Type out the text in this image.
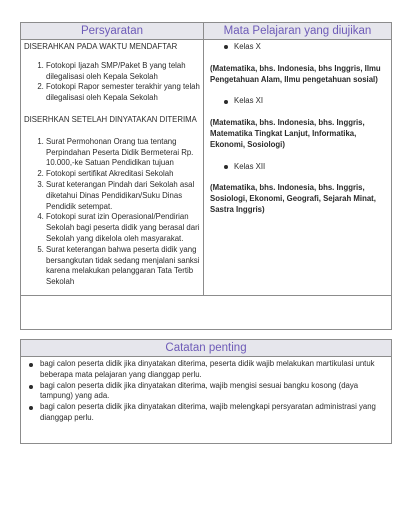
Persyaratan	Mata Pelajaran yang diujikan

DISERAHKAN PADA WAKTU MENDAFTAR

1. Fotokopi Ijazah SMP/Paket B yang telah dilegalisasi oleh Kepala Sekolah
2. Fotokopi Rapor semester terakhir yang telah dilegalisasi oleh Kepala Sekolah

DISERHKAN SETELAH DINYATAKAN DITERIMA

1. Surat Permohonan Orang tua tentang Perpindahan Peserta Didik Bermeterai Rp. 10.000,-ke Satuan Pendidikan tujuan
2. Fotokopi sertifikat Akreditasi Sekolah
3. Surat keterangan Pindah dari Sekolah asal diketahui Dinas Pendidikan/Suku Dinas Pendidik setempat.
4. Fotokopi surat izin Operasional/Pendirian Sekolah bagi peserta didik yang berasal dari Sekolah yang dikelola oleh masyarakat.
5. Surat keterangan bahwa peserta didik yang bersangkutan tidak sedang menjalani sanksi karena melakukan pelanggaran Tata Tertib Sekolah
Kelas X
(Matematika, bhs. Indonesia, bhs Inggris, Ilmu Pengetahuan Alam, Ilmu pengetahuan sosial)
Kelas XI
(Matematika, bhs. Indonesia, bhs. Inggris, Matematika Tingkat Lanjut, Informatika, Ekonomi, Sosiologi)
Kelas XII
(Matematika, bhs. Indonesia, bhs. Inggris, Sosiologi, Ekonomi, Geografi, Sejarah Minat, Sastra Inggris)
Catatan penting
bagi calon peserta didik jika dinyatakan diterima, peserta didik wajib melakukan martikulasi untuk beberapa mata pelajaran yang dianggap perlu.
bagi calon peserta didik jika dinyatakan diterima, wajib mengisi sesuai bangku kosong (daya tampung) yang ada.
bagi calon peserta didik jika dinyatakan diterima, wajib melengkapi persyaratan administrasi yang dianggap perlu.
